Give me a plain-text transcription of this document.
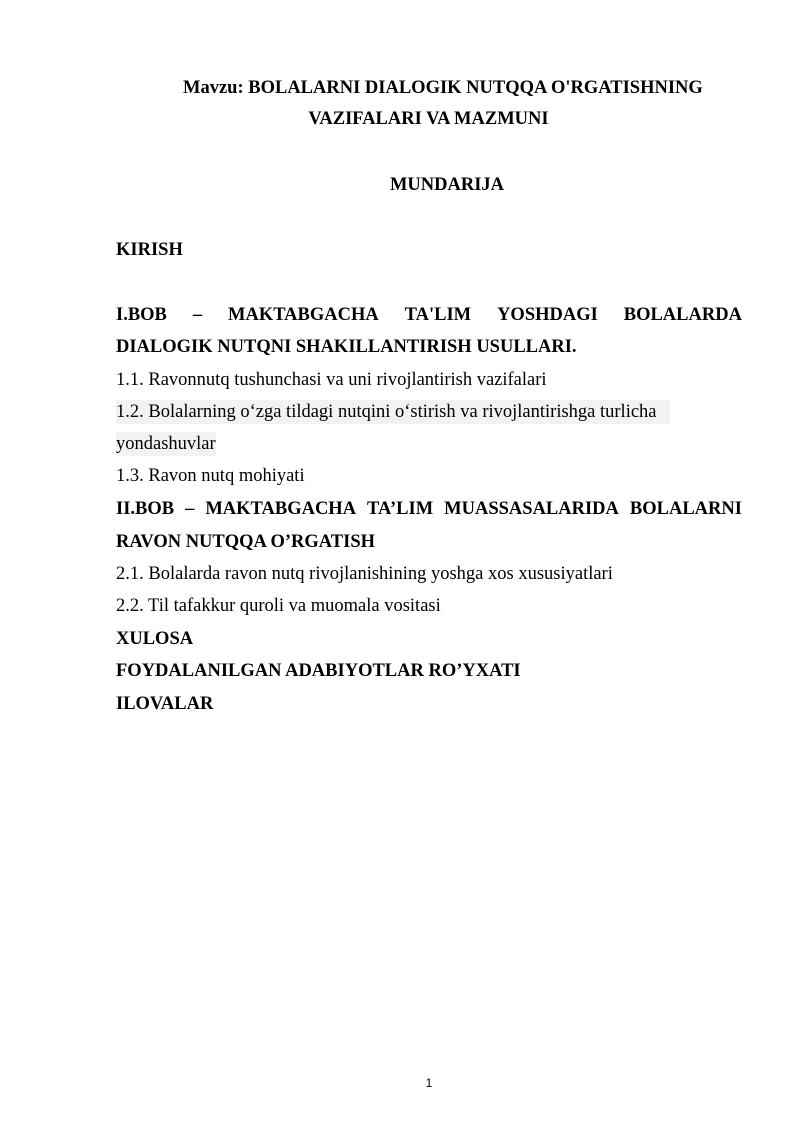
Mavzu: BOLALARNI DIALOGIK NUTQQA O'RGATISHNING
VAZIFALARI VA MAZMUNI
MUNDARIJA
KIRISH
I.BOB – MAKTABGACHA TA'LIM YOSHDAGI BOLALARDA
DIALOGIK NUTQNI SHAKILLANTIRISH USULLARI.
1.1. Ravonnutq tushunchasi va uni rivojlantirish vazifalari
1.2. Bolalarning o‘zga tildagi nutqini o‘stirish va rivojlantirishga turlicha
yondashuvlar
1.3. Ravon nutq mohiyati
II.BOB – MAKTABGACHA TA’LIM MUASSASALARIDA BOLALARNI
RAVON NUTQQA O’RGATISH
2.1. Bolalarda ravon nutq rivojlanishining yoshga xos xususiyatlari
2.2. Til tafakkur quroli va muomala vositasi
XULOSA
FOYDALANILGAN ADABIYOTLAR RO’YXATI
ILOVALAR
1
